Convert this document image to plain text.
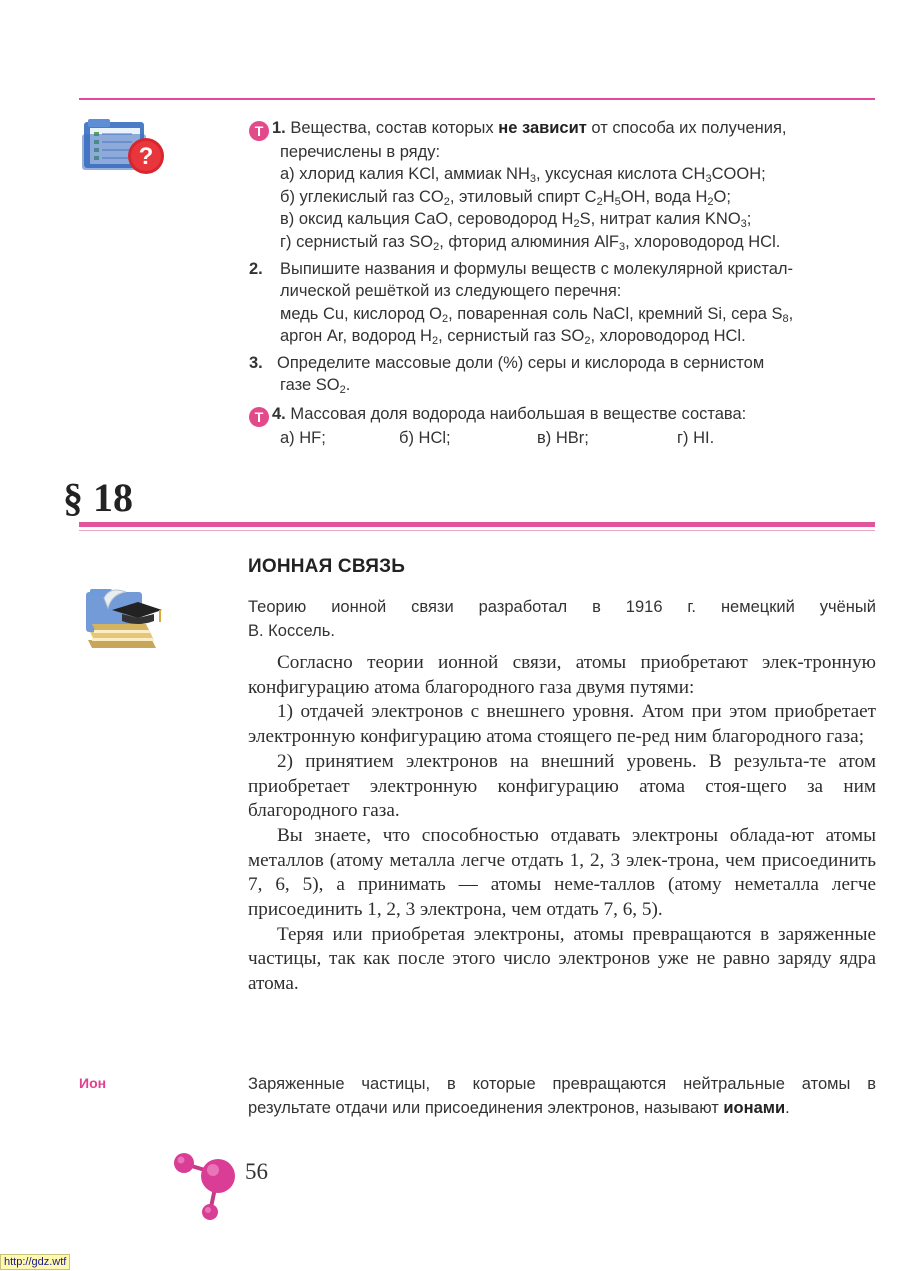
?
Т 1. Вещества, состав которых не зависит от способа их получения,
перечислены в ряду:
а) хлорид калия KCl, аммиак $NH_3$, уксусная кислота $CH_3COOH$;
б) углекислый газ $CO_2$, этиловый спирт $C_2H_5OH$, вода $H_2O$;
в) оксид кальция CaO, сероводород $H_2S$, нитрат калия $KNO_3$;
г) сернистый газ $SO_2$, фторид алюминия AlF$_3$, хлороводород HCl.
2. Выпишите названия и формулы веществ с молекулярной кристал-
лической решёткой из следующего перечня:
медь Cu, кислород $O_2$, поваренная соль NaCl, кремний Si, сера $S_8$,
аргон Ar, водород $H_2$, сернистый газ $SO_2$, хлороводород HCl.
3. Определите массовые доли (%) серы и кислорода в сернистом
газе $SO_2$.
Т 4. Массовая доля водорода наибольшая в веществе состава:
а) HF;	б) HCl;	в) HBr;	г) HI.
§ 18
ИОННАЯ СВЯЗЬ
Теорию ионной связи разработал в 1916 г. немецкий учёный
В. Коссель.

Согласно теории ионной связи, атомы приобретают элек-тронную конфигурацию атома благородного газа двумя путями:

1) отдачей электронов с внешнего уровня. Атом при этом приобретает электронную конфигурацию атома стоящего пе-ред ним благородного газа;

2) принятием электронов на внешний уровень. В результа-те атом приобретает электронную конфигурацию атома стоя-щего за ним благородного газа.

Вы знаете, что способностью отдавать электроны облада-ют атомы металлов (атому металла легче отдать 1, 2, 3 элек-трона, чем присоединить 7, 6, 5), а принимать — атомы неме-таллов (атому неметалла легче присоединить 1, 2, 3 электрона, чем отдать 7, 6, 5).

Теряя или приобретая электроны, атомы превращаются в заряженные частицы, так как после этого число электронов уже не равно заряду ядра атома.

Ион	Заряженные частицы, в которые превращаются нейтральные атомы в результате отдачи или присоединения электронов, называют ионами.
56
http://gdz.wtf
